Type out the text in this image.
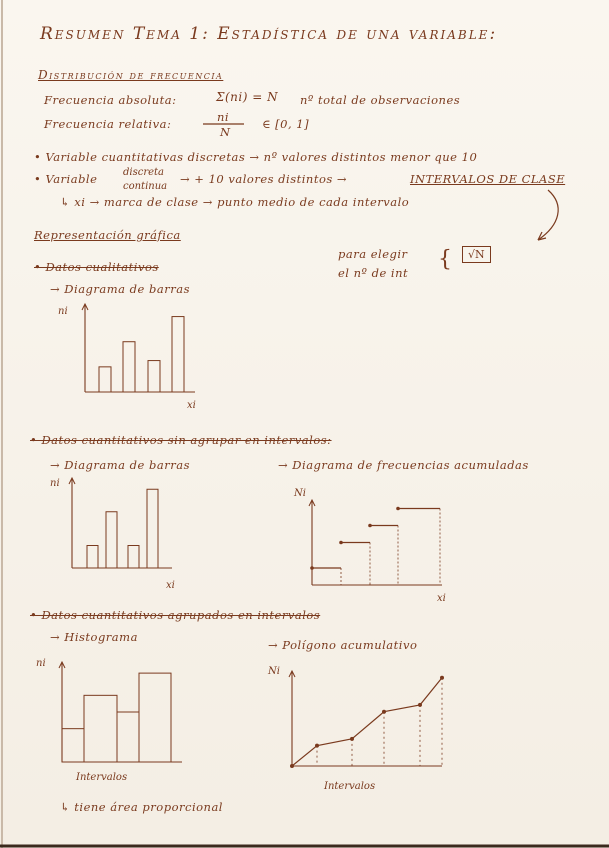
Resumen Tema 1: Estadística de una variable:
Distribución de frecuencia
Frecuencia absoluta:	Σ(ni) = N nº total de observaciones
Frecuencia relativa:	ni
N
∈ [0, 1]
• Variable cuantitativas discretas → nº valores distintos menor que 10
• Variable	discreta
continua
→ + 10 valores distintos →	INTERVALOS DE CLASE
↳ xi → marca de clase → punto medio de cada intervalo
Representación gráfica
para elegir
el nº de int
{	√N
• Datos cualitativos
→ Diagrama de barras
ni
xi
• Datos cuantitativos sin agrupar en intervalos:
→ Diagrama de barras	→ Diagrama de frecuencias acumuladas
ni
xi
Ni
xi
• Datos cuantitativos agrupados en intervalos
→ Histograma
→ Polígono acumulativo
ni
Intervalos
Ni
Intervalos
↳ tiene área proporcional
